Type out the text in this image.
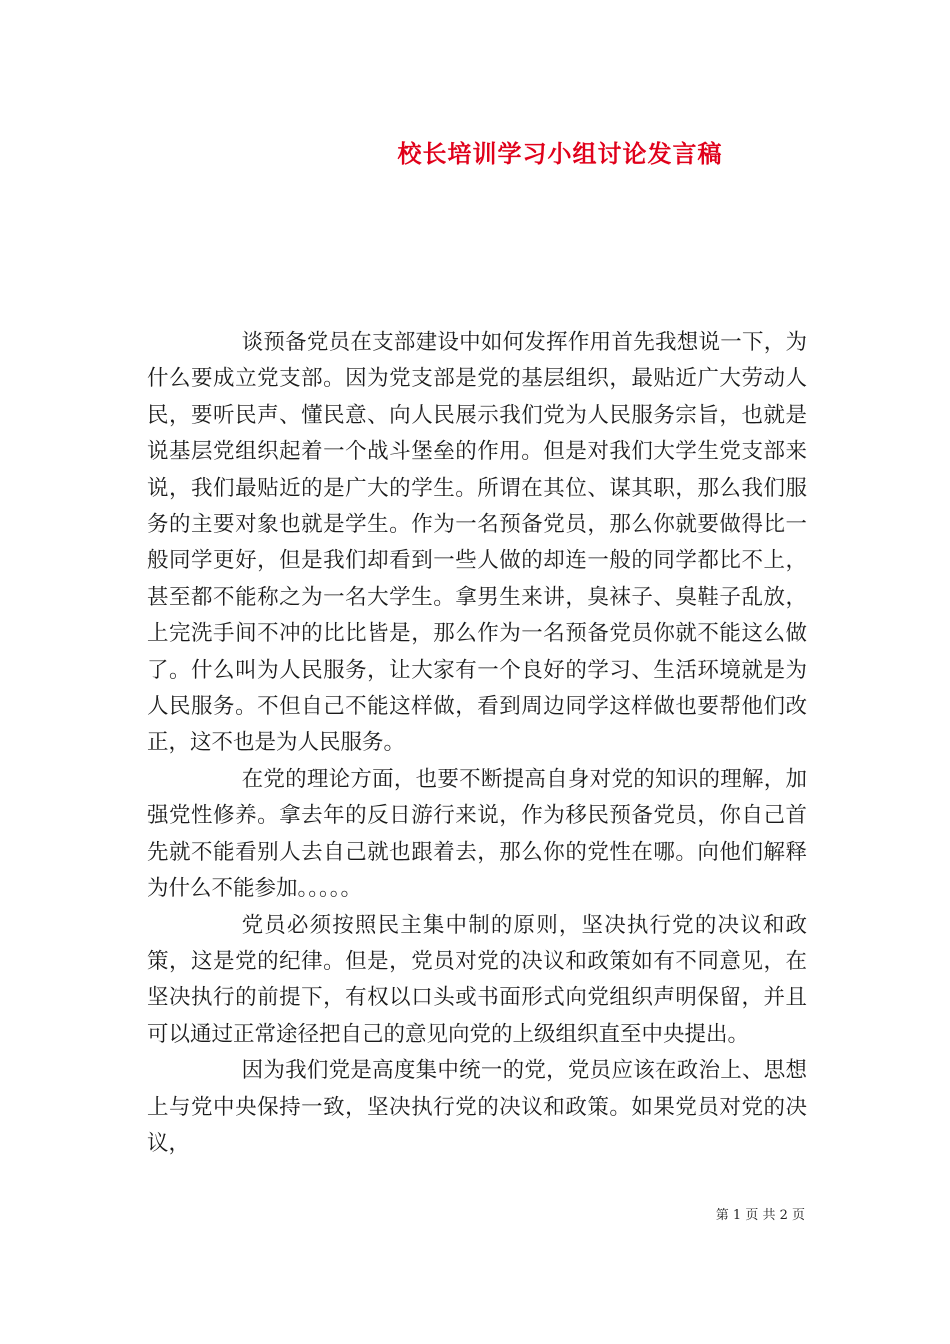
校长培训学习小组讨论发言稿

谈预备党员在支部建设中如何发挥作用首先我想说一下，为什么要成立党支部。因为党支部是党的基层组织，最贴近广大劳动人民，要听民声、懂民意、向人民展示我们党为人民服务宗旨，也就是说基层党组织起着一个战斗堡垒的作用。但是对我们大学生党支部来说，我们最贴近的是广大的学生。所谓在其位、谋其职，那么我们服务的主要对象也就是学生。作为一名预备党员，那么你就要做得比一般同学更好，但是我们却看到一些人做的却连一般的同学都比不上，甚至都不能称之为一名大学生。拿男生来讲，臭袜子、臭鞋子乱放，上完洗手间不冲的比比皆是，那么作为一名预备党员你就不能这么做了。什么叫为人民服务，让大家有一个良好的学习、生活环境就是为人民服务。不但自己不能这样做，看到周边同学这样做也要帮他们改正，这不也是为人民服务。

在党的理论方面，也要不断提高自身对党的知识的理解，加强党性修养。拿去年的反日游行来说，作为移民预备党员，你自己首先就不能看别人去自己就也跟着去，那么你的党性在哪。向他们解释为什么不能参加。。。。。

党员必须按照民主集中制的原则，坚决执行党的决议和政策，这是党的纪律。但是，党员对党的决议和政策如有不同意见，在坚决执行的前提下，有权以口头或书面形式向党组织声明保留，并且可以通过正常途径把自己的意见向党的上级组织直至中央提出。

因为我们党是高度集中统一的党，党员应该在政治上、思想上与党中央保持一致，坚决执行党的决议和政策。如果党员对党的决议，

第 1 页 共 2 页
